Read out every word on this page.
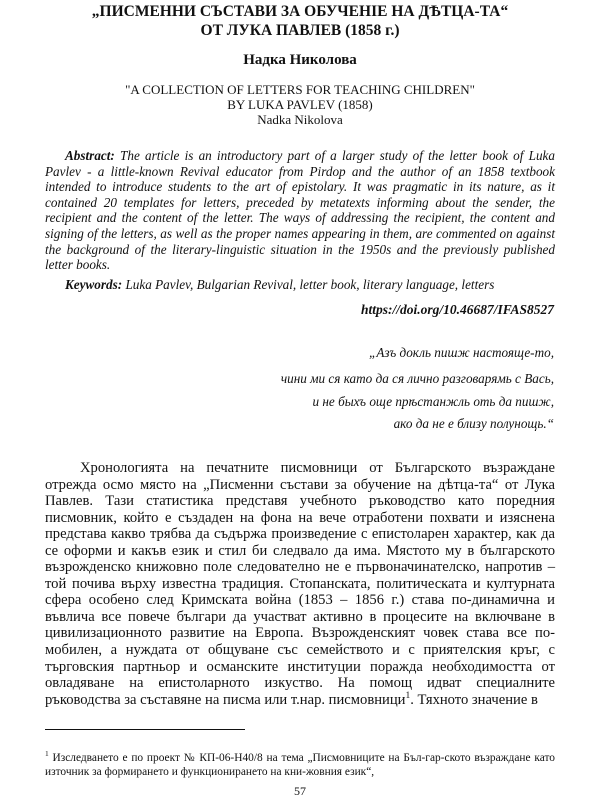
„ПИСМЕННИ СЪСТАВИ ЗА ОБУЧЕНIЕ НА ДѢТЦА-ТА“
ОТ ЛУКА ПАВЛЕВ (1858 г.)
Надка Николова
"A COLLECTION OF LETTERS FOR TEACHING CHILDREN"
BY LUKA PAVLEV (1858)
Nadka Nikolova

Abstract: The article is an introductory part of a larger study of the letter book of Luka Pavlev - a little-known Revival educator from Pirdop and the author of an 1858 textbook intended to introduce students to the art of epistolary. It was pragmatic in its nature, as it contained 20 templates for letters, preceded by metatexts informing about the sender, the recipient and the content of the letter. The ways of addressing the recipient, the content and signing of the letters, as well as the proper names appearing in them, are commented on against the background of the literary-linguistic situation in the 1950s and the previously published letter books.

Keywords: Luka Pavlev, Bulgarian Revival, letter book, literary language, letters
https://doi.org/10.46687/IFAS8527
„Азъ докль пишж настояще-то,
чини ми ся като да ся лично разговарямь с Вась,
и не быхъ още прѣстанжль оть да пишж,
ако да не е близу полунощь.“

Хронологията на печатните писмовници от Българското възраждане отрежда осмо място на „Писменни състави за обучение на дѣтца-та“ от Лука Павлев. Тази статистика представя учебното ръководство като поредния писмовник, който е създаден на фона на вече отработени похвати и изяснена представа какво трябва да съдържа произведение с епистоларен характер, как да се оформи и какъв език и стил би следвало да има. Мястото му в българското възрожденско книжовно поле следователно не е първоначинателско, напротив – той почива върху известна традиция. Стопанската, политическата и културната сфера особено след Кримската война (1853 – 1856 г.) става по-динамична и въвлича все повече българи да участват активно в процесите на включване в цивилизационното развитие на Европа. Възрожденският човек става все по-мобилен, а нуждата от общуване със семейството и с приятелския кръг, с търговския партньор и османските институции поражда необходимостта от овладяване на епистоларното изкуство. На помощ идват специалните ръководства за съставяне на писма или т.нар. писмовници$^1$. Тяхното значение в

$^1$ Изследването е по проект № КП-06-Н40/8 на тема „Писмовниците на Бъл-гар-ското възраждане като източник за формирането и функционирането на кни-жовния език“,

57
